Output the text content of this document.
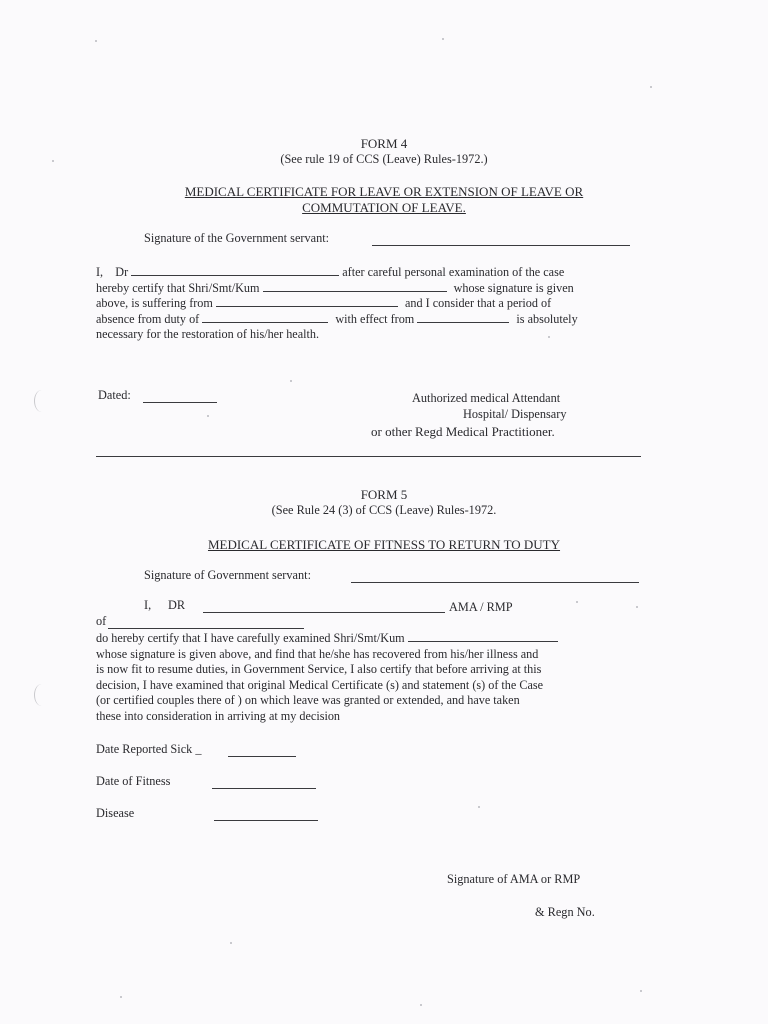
FORM 4
(See rule 19 of CCS (Leave) Rules-1972.)
MEDICAL CERTIFICATE FOR LEAVE OR EXTENSION OF LEAVE OR
COMMUTATION OF LEAVE.
Signature of the Government servant:

I, Dr	after careful personal examination of the case

hereby certify that Shri/Smt/Kum	whose signature is given

above, is suffering from	and I consider that a period of

absence from duty of	with effect from	is absolutely

necessary for the restoration of his/her health.

Dated:	Authorized medical Attendant
Hospital/ Dispensary
or other Regd Medical Practitioner.
FORM 5
(See Rule 24 (3) of CCS (Leave) Rules-1972.
MEDICAL CERTIFICATE OF FITNESS TO RETURN TO DUTY
Signature of Government servant:
I, DR	AMA / RMP
of

do hereby certify that I have carefully examined Shri/Smt/Kum

whose signature is given above, and find that he/she has recovered from his/her illness and

is now fit to resume duties, in Government Service, I also certify that before arriving at this

decision, I have examined that original Medical Certificate (s) and statement (s) of the Case

(or certified couples there of ) on which leave was granted or extended, and have taken

these into consideration in arriving at my decision

Date Reported Sick _
Date of Fitness
Disease
Signature of AMA or RMP
& Regn No.
